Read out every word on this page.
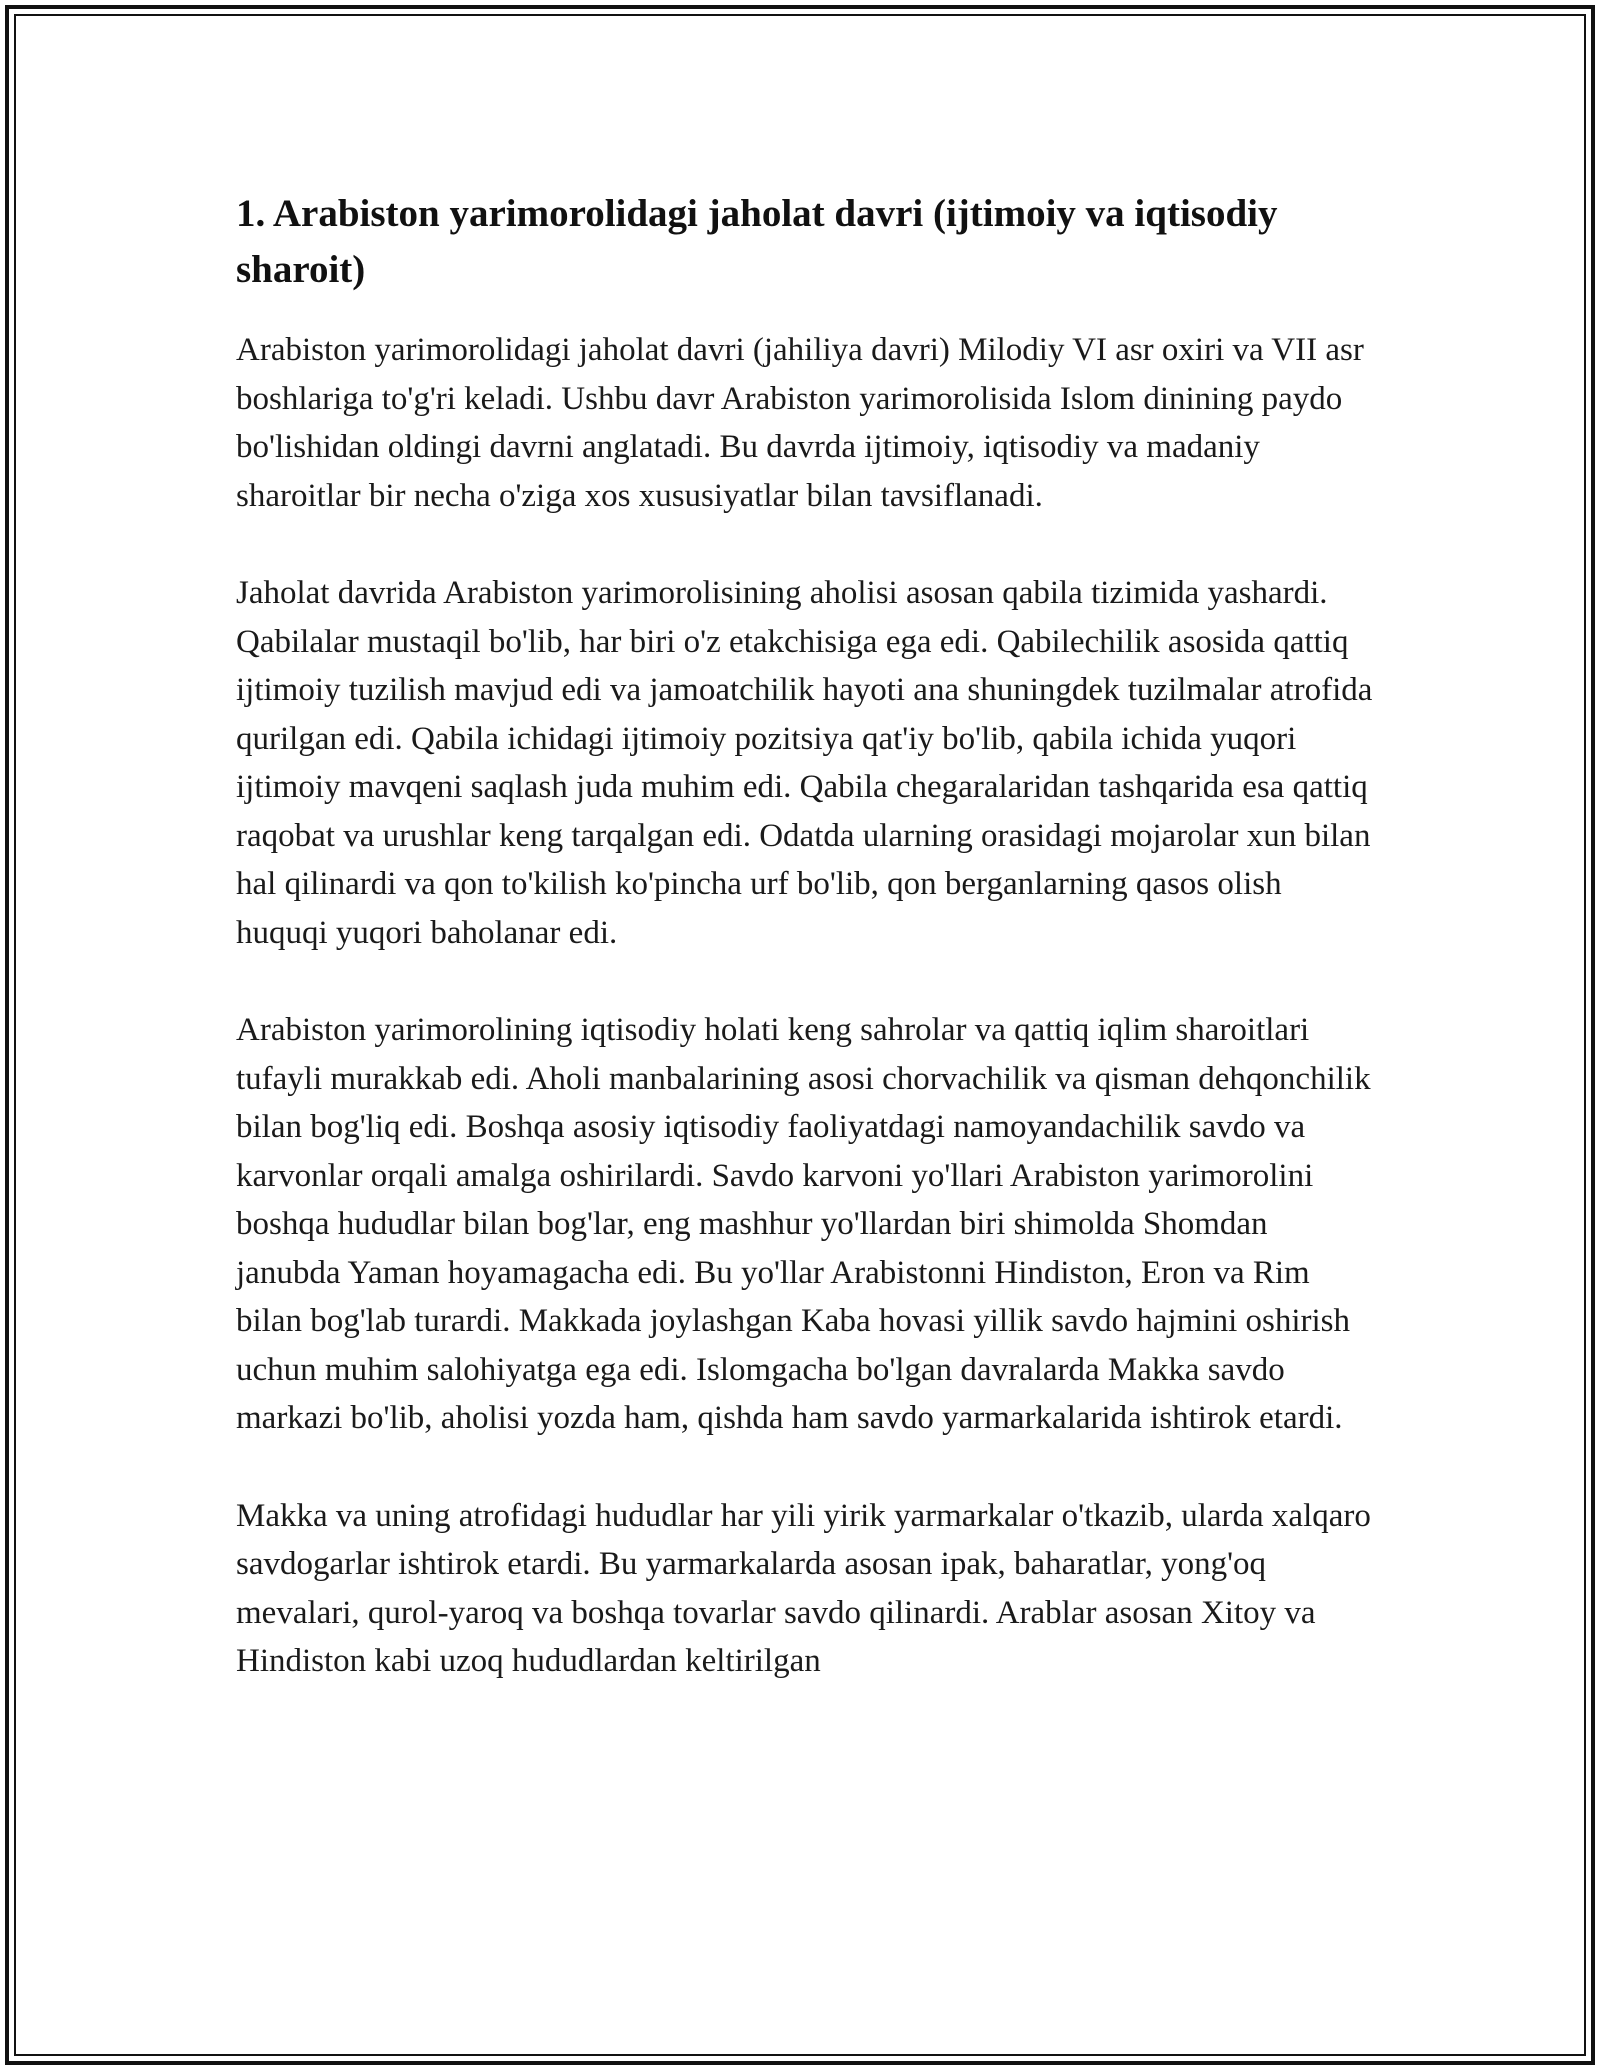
1. Arabiston yarimorolidagi jaholat davri (ijtimoiy va iqtisodiy sharoit)

Arabiston yarimorolidagi jaholat davri (jahiliya davri) Milodiy VI asr oxiri va VII asr boshlariga to'g'ri keladi. Ushbu davr Arabiston yarimorolisida Islom dinining paydo bo'lishidan oldingi davrni anglatadi. Bu davrda ijtimoiy, iqtisodiy va madaniy sharoitlar bir necha o'ziga xos xususiyatlar bilan tavsiflanadi.

Jaholat davrida Arabiston yarimorolisining aholisi asosan qabila tizimida yashardi. Qabilalar mustaqil bo'lib, har biri o'z etakchisiga ega edi. Qabilechilik asosida qattiq ijtimoiy tuzilish mavjud edi va jamoatchilik hayoti ana shuningdek tuzilmalar atrofida qurilgan edi. Qabila ichidagi ijtimoiy pozitsiya qat'iy bo'lib, qabila ichida yuqori ijtimoiy mavqeni saqlash juda muhim edi. Qabila chegaralaridan tashqarida esa qattiq raqobat va urushlar keng tarqalgan edi. Odatda ularning orasidagi mojarolar xun bilan hal qilinardi va qon to'kilish ko'pincha urf bo'lib, qon berganlarning qasos olish huquqi yuqori baholanar edi.

Arabiston yarimorolining iqtisodiy holati keng sahrolar va qattiq iqlim sharoitlari tufayli murakkab edi. Aholi manbalarining asosi chorvachilik va qisman dehqonchilik bilan bog'liq edi. Boshqa asosiy iqtisodiy faoliyatdagi namoyandachilik savdo va karvonlar orqali amalga oshirilardi. Savdo karvoni yo'llari Arabiston yarimorolini boshqa hududlar bilan bog'lar, eng mashhur yo'llardan biri shimolda Shomdan janubda Yaman hoyamagacha edi. Bu yo'llar Arabistonni Hindiston, Eron va Rim bilan bog'lab turardi. Makkada joylashgan Kaba hovasi yillik savdo hajmini oshirish uchun muhim salohiyatga ega edi. Islomgacha bo'lgan davralarda Makka savdo markazi bo'lib, aholisi yozda ham, qishda ham savdo yarmarkalarida ishtirok etardi.

Makka va uning atrofidagi hududlar har yili yirik yarmarkalar o'tkazib, ularda xalqaro savdogarlar ishtirok etardi. Bu yarmarkalarda asosan ipak, baharatlar, yong'oq mevalari, qurol-yaroq va boshqa tovarlar savdo qilinardi. Arablar asosan Xitoy va Hindiston kabi uzoq hududlardan keltirilgan
